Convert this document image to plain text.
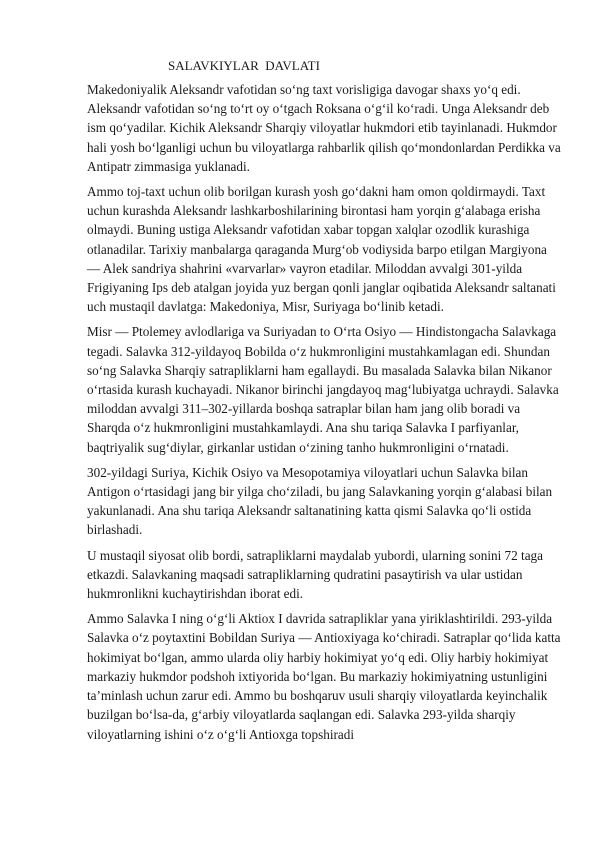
SALAVKIYLAR  DAVLATI

Makedoniyalik Aleksandr vafotidan so‘ng taxt vorisligiga davogar shaxs yo‘q edi. Aleksandr vafotidan so‘ng to‘rt oy o‘tgach Roksana o‘g‘il ko‘radi. Unga Aleksandr deb ism qo‘yadilar. Kichik Aleksandr Sharqiy viloyatlar hukmdori etib tayinlanadi. Hukmdor hali yosh bo‘lganligi uchun bu viloyatlarga rahbarlik qilish qo‘mondonlardan Perdikka va Antipatr zimmasiga yuklanadi.

Ammo toj-taxt uchun olib borilgan kurash yosh go‘dakni ham omon qoldirmaydi. Taxt uchun kurashda Aleksandr lashkarboshilarining birontasi ham yorqin g‘alabaga erisha olmaydi. Buning ustiga Aleksandr vafotidan xabar topgan xalqlar ozodlik kurashiga otlanadilar. Tarixiy manbalarga qaraganda Murg‘ob vodiysida barpo etilgan Margiyona — Alek sandriya shahrini «varvarlar» vayron etadilar. Miloddan avvalgi 301-yilda Frigiyaning Ips deb atalgan joyida yuz bergan qonli janglar oqibatida Aleksandr saltanati uch mustaqil davlatga: Makedoniya, Misr, Suriyaga bo‘linib ketadi.

Misr — Ptolemey avlodlariga va Suriyadan to O‘rta Osiyo — Hindistongacha Salavkaga tegadi. Salavka 312-yildayoq Bobilda o‘z hukmronligini mustahkamlagan edi. Shundan so‘ng Salavka Sharqiy satrapliklarni ham egallaydi. Bu masalada Salavka bilan Nikanor o‘rtasida kurash kuchayadi. Nikanor birinchi jangdayoq mag‘lubiyatga uchraydi. Salavka miloddan avvalgi 311–302-yillarda boshqa satraplar bilan ham jang olib boradi va Sharqda o‘z hukmronligini mustahkamlaydi. Ana shu tariqa Salavka I parfiyanlar, baqtriyalik sug‘diylar, girkanlar ustidan o‘zining tanho hukmronligini o‘rnatadi.

302-yildagi Suriya, Kichik Osiyo va Mesopotamiya viloyatlari uchun Salavka bilan Antigon o‘rtasidagi jang bir yilga cho‘ziladi, bu jang Salavkaning yorqin g‘alabasi bilan yakunlanadi. Ana shu tariqa Aleksandr saltanatining katta qismi Salavka qo‘li ostida birlashadi.

U mustaqil siyosat olib bordi, satrapliklarni maydalab yubordi, ularning sonini 72 taga etkazdi. Salavkaning maqsadi satrapliklarning qudratini pasaytirish va ular ustidan hukmronlikni kuchaytirishdan iborat edi.

Ammo Salavka I ning o‘g‘li Aktiox I davrida satrapliklar yana yiriklashtirildi. 293-yilda Salavka o‘z poytaxtini Bobildan Suriya — Antioxiyaga ko‘chiradi. Satraplar qo‘lida katta hokimiyat bo‘lgan, ammo ularda oliy harbiy hokimiyat yo‘q edi. Oliy harbiy hokimiyat markaziy hukmdor podshoh ixtiyorida bo‘lgan. Bu markaziy hokimiyatning ustunligini ta’minlash uchun zarur edi. Ammo bu boshqaruv usuli sharqiy viloyatlarda keyinchalik buzilgan bo‘lsa-da, g‘arbiy viloyatlarda saqlangan edi. Salavka 293-yilda sharqiy viloyatlarning ishini o‘z o‘g‘li Antioxga topshiradi
